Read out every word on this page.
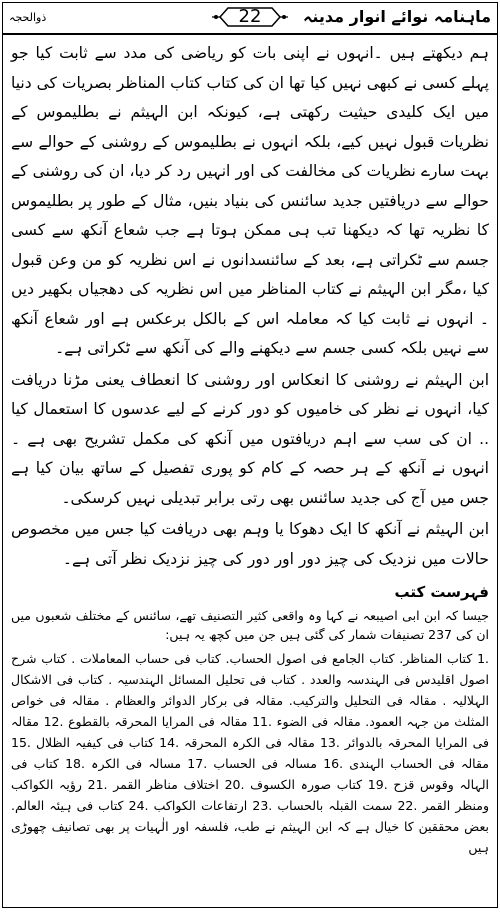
ماہنامہ نوائے انوار مدینہ
22
ذوالحجہ

ہم دیکھتے ہیں ۔انہوں نے اپنی بات کو ریاضی کی مدد سے ثابت کیا جو پہلے کسی نے کبھی نہیں کیا تھا ان کی کتاب کتاب المناظر بصریات کی دنیا میں ایک کلیدی حیثیت رکھتی ہے، کیونکہ ابن الہیثم نے بطلیموس کے نظریات قبول نہیں کیے، بلکہ انہوں نے بطلیموس کے روشنی کے حوالے سے بہت سارے نظریات کی مخالفت کی اور انہیں رد کر دیا، ان کی روشنی کے حوالے سے دریافتیں جدید سائنس کی بنیاد بنیں، مثال کے طور پر بطلیموس کا نظریہ تھا کہ دیکھنا تب ہی ممکن ہوتا ہے جب شعاع آنکھ سے کسی جسم سے ٹکراتی ہے، بعد کے سائنسدانوں نے اس نظریہ کو من وعن قبول کیا ،مگر ابن الہیثم نے کتاب المناظر میں اس نظریہ کی دھجیاں بکھیر دیں ۔ انہوں نے ثابت کیا کہ معاملہ اس کے بالکل برعکس ہے اور شعاع آنکھ سے نہیں بلکہ کسی جسم سے دیکھنے والے کی آنکھ سے ٹکراتی ہے۔

ابن الہیثم نے روشنی کا انعکاس اور روشنی کا انعطاف یعنی مڑنا دریافت کیا، انہوں نے نظر کی خامیوں کو دور کرنے کے لیے عدسوں کا استعمال کیا .. ان کی سب سے اہم دریافتوں میں آنکھ کی مکمل تشریح بھی ہے ۔ انہوں نے آنکھ کے ہر حصہ کے کام کو پوری تفصیل کے ساتھ بیان کیا ہے جس میں آج کی جدید سائنس بھی رتی برابر تبدیلی نہیں کرسکی۔

ابن الہیثم نے آنکھ کا ایک دھوکا یا وہم بھی دریافت کیا جس میں مخصوص حالات میں نزدیک کی چیز دور اور دور کی چیز نزدیک نظر آتی ہے۔

فہرست کتب

جیسا کہ ابن ابی اصیبعہ نے کہا وہ واقعی کثیر التصنیف تھے، سائنس کے مختلف شعبوں میں ان کی 237 تصنیفات شمار کی گئی ہیں جن میں کچھ یہ ہیں:

.1 کتاب المناظر. کتاب الجامع فی اصول الحساب. کتاب فی حساب المعاملات . کتاب شرح اصول اقلیدس فی الہندسہ والعدد . کتاب فی تحلیل المسائل الہندسیہ . کتاب فی الاشکال الہلالیہ . مقالہ فی التحلیل والترکیب. مقالہ فی برکار الدوائر والعظام . مقالہ فی خواص المثلث من جہہ العمود. مقالہ فی الضوء .11 مقالہ فی المرایا المحرقہ بالقطوع .12 مقالہ فی المرایا المحرقہ بالدوائر .13 مقالہ فی الکرہ المحرقہ .14 کتاب فی کیفیہ الظلال .15 مقالہ فی الحساب الہندی .16 مسالہ فی الحساب .17 مسالہ فی الکرہ .18 کتاب فی الہالہ وقوس قزح .19 کتاب صورہ الکسوف .20 اختلاف مناظر القمر .21 رؤیہ الکواکب ومنظر القمر .22 سمت القبلہ بالحساب .23 ارتفاعات الکواکب .24 کتاب فی ہیئہ العالم. بعض محققین کا خیال ہے کہ ابن الہیثم نے طب، فلسفہ اور الٰہیات پر بھی تصانیف چھوڑی ہیں
